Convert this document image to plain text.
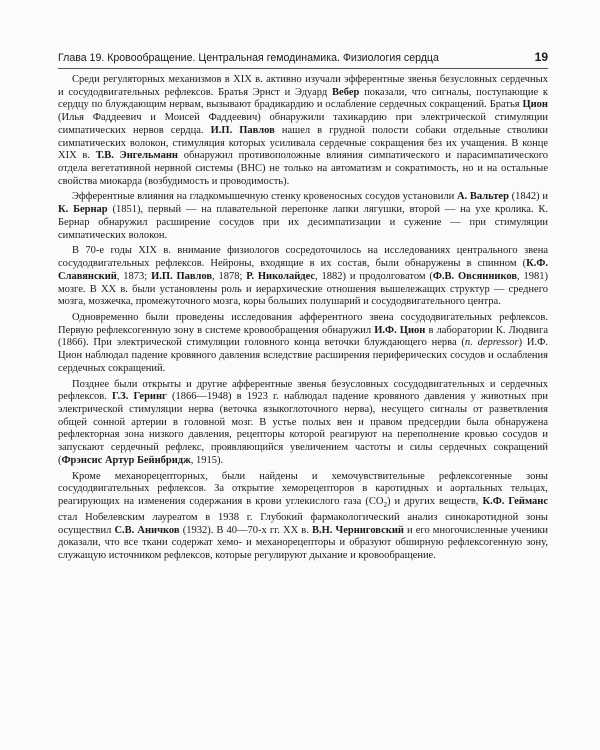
Глава 19. Кровообращение. Центральная гемодинамика. Физиология сердца	19

Среди регуляторных механизмов в XIX в. активно изучали эфферентные звенья безусловных сердечных и сосудодвигательных рефлексов. Братья Эрнст и Эдуард Вебер показали, что сигналы, поступающие к сердцу по блуждающим нервам, вызывают брадикардию и ослабление сердечных сокращений. Братья Цион (Илья Фаддеевич и Моисей Фаддеевич) обнаружили тахикардию при электрической стимуляции симпатических нервов сердца. И.П. Павлов нашел в грудной полости собаки отдельные стволики симпатических волокон, стимуляция которых усиливала сердечные сокращения без их учащения. В конце XIX в. Т.В. Энгельманн обнаружил противоположные влияния симпатического и парасимпатического отдела вегетативной нервной системы (ВНС) не только на автоматизм и сократимость, но и на остальные свойства миокарда (возбудимость и проводимость).

Эфферентные влияния на гладкомышечную стенку кровеносных сосудов установили А. Вальтер (1842) и К. Бернар (1851), первый — на плавательной перепонке лапки лягушки, второй — на ухе кролика. К. Бернар обнаружил расширение сосудов при их десимпатизации и сужение — при стимуляции симпатических волокон.

В 70-е годы XIX в. внимание физиологов сосредоточилось на исследованиях центрального звена сосудодвигательных рефлексов. Нейроны, входящие в их состав, были обнаружены в спинном (К.Ф. Славянский, 1873; И.П. Павлов, 1878; Р. Николайдес, 1882) и продолговатом (Ф.В. Овсянников, 1981) мозге. В XX в. были установлены роль и иерархические отношения вышележащих структур — среднего мозга, мозжечка, промежуточного мозга, коры больших полушарий и сосудодвигательного центра.

Одновременно были проведены исследования афферентного звена сосудодвигательных рефлексов. Первую рефлексогенную зону в системе кровообращения обнаружил И.Ф. Цион в лаборатории К. Людвига (1866). При электрической стимуляции головного конца веточки блуждающего нерва (n. depressor) И.Ф. Цион наблюдал падение кровяного давления вследствие расширения периферических сосудов и ослабления сердечных сокращений.

Позднее были открыты и другие афферентные звенья безусловных сосудодвигательных и сердечных рефлексов. Г.З. Геринг (1866—1948) в 1923 г. наблюдал падение кровяного давления у животных при электрической стимуляции нерва (веточка языкоглоточного нерва), несущего сигналы от разветвления общей сонной артерии в головной мозг. В устье полых вен и правом предсердии была обнаружена рефлекторная зона низкого давления, рецепторы которой реагируют на переполнение кровью сосудов и запускают сердечный рефлекс, проявляющийся увеличением частоты и силы сердечных сокращений (Фрэнсис Артур Бейнбридж, 1915).

Кроме механорецепторных, были найдены и хемочувствительные рефлексогенные зоны сосудодвигательных рефлексов. За открытие хеморецепторов в каротидных и аортальных тельцах, реагирующих на изменения содержания в крови углекислого газа $(СО_2)$ и других веществ, К.Ф. Гейманс стал Нобелевским лауреатом в 1938 г. Глубокий фармакологический анализ синокаротидной зоны осуществил С.В. Аничков (1932). В 40—70-х гг. XX в. В.Н. Черниговский и его многочисленные ученики доказали, что все ткани содержат хемо- и механорецепторы и образуют обширную рефлексогенную зону, служащую источником рефлексов, которые регулируют дыхание и кровообращение.
